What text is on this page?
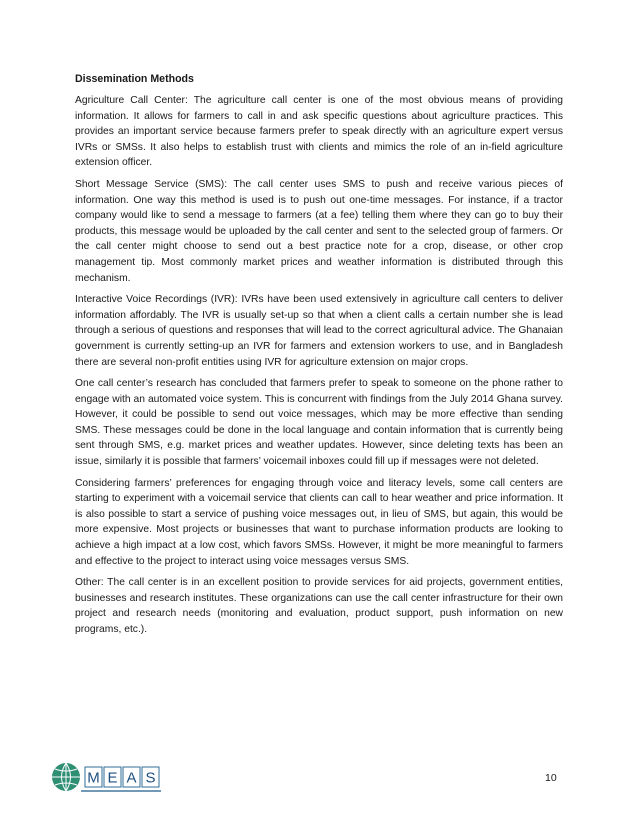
Dissemination Methods

Agriculture Call Center: The agriculture call center is one of the most obvious means of providing information. It allows for farmers to call in and ask specific questions about agriculture practices. This provides an important service because farmers prefer to speak directly with an agriculture expert versus IVRs or SMSs. It also helps to establish trust with clients and mimics the role of an in-field agriculture extension officer.

Short Message Service (SMS): The call center uses SMS to push and receive various pieces of information. One way this method is used is to push out one-time messages. For instance, if a tractor company would like to send a message to farmers (at a fee) telling them where they can go to buy their products, this message would be uploaded by the call center and sent to the selected group of farmers. Or the call center might choose to send out a best practice note for a crop, disease, or other crop management tip. Most commonly market prices and weather information is distributed through this mechanism.

Interactive Voice Recordings (IVR): IVRs have been used extensively in agriculture call centers to deliver information affordably. The IVR is usually set-up so that when a client calls a certain number she is lead through a serious of questions and responses that will lead to the correct agricultural advice. The Ghanaian government is currently setting-up an IVR for farmers and extension workers to use, and in Bangladesh there are several non-profit entities using IVR for agriculture extension on major crops.

One call center’s research has concluded that farmers prefer to speak to someone on the phone rather to engage with an automated voice system. This is concurrent with findings from the July 2014 Ghana survey. However, it could be possible to send out voice messages, which may be more effective than sending SMS. These messages could be done in the local language and contain information that is currently being sent through SMS, e.g. market prices and weather updates. However, since deleting texts has been an issue, similarly it is possible that farmers’ voicemail inboxes could fill up if messages were not deleted.

Considering farmers’ preferences for engaging through voice and literacy levels, some call centers are starting to experiment with a voicemail service that clients can call to hear weather and price information. It is also possible to start a service of pushing voice messages out, in lieu of SMS, but again, this would be more expensive. Most projects or businesses that want to purchase information products are looking to achieve a high impact at a low cost, which favors SMSs. However, it might be more meaningful to farmers and effective to the project to interact using voice messages versus SMS.

Other: The call center is in an excellent position to provide services for aid projects, government entities, businesses and research institutes. These organizations can use the call center infrastructure for their own project and research needs (monitoring and evaluation, product support, push information on new programs, etc.).

M E A S	10
